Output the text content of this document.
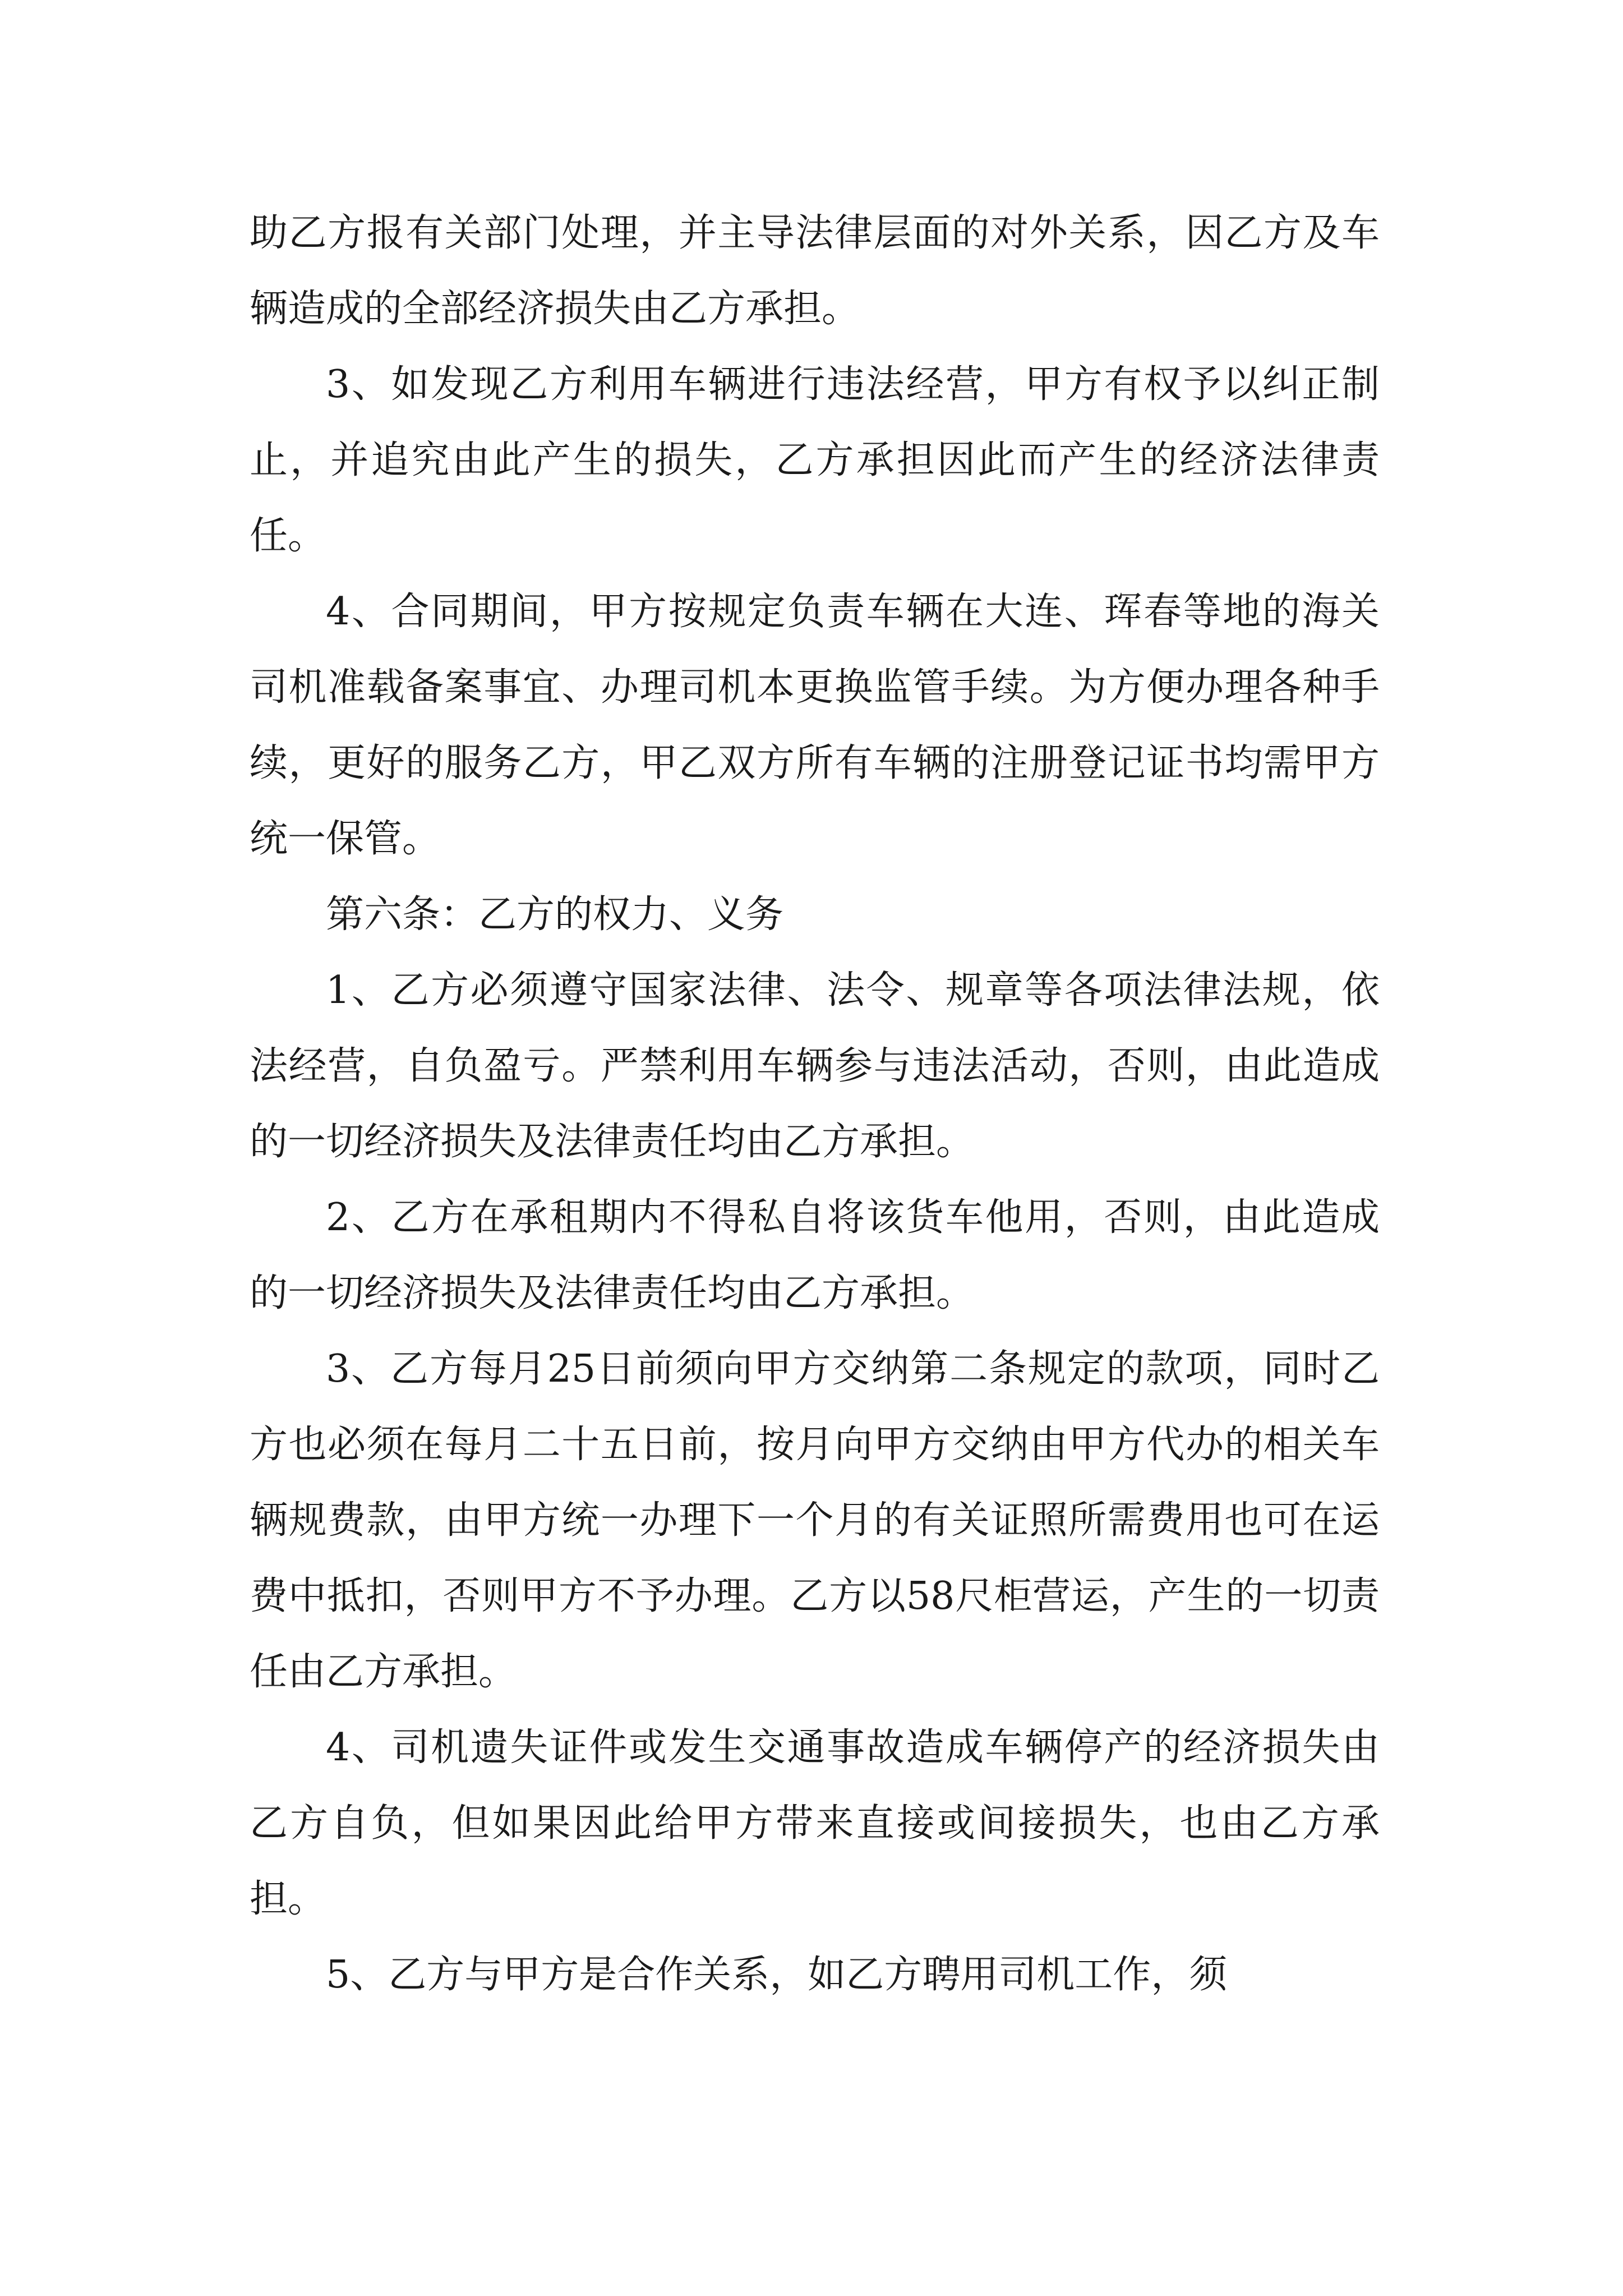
助乙方报有关部门处理，并主导法律层面的对外关系，因乙方及车辆造成的全部经济损失由乙方承担。

3、如发现乙方利用车辆进行违法经营，甲方有权予以纠正制止，并追究由此产生的损失，乙方承担因此而产生的经济法律责任。

4、合同期间，甲方按规定负责车辆在大连、珲春等地的海关司机准载备案事宜、办理司机本更换监管手续。为方便办理各种手续，更好的服务乙方，甲乙双方所有车辆的注册登记证书均需甲方统一保管。

第六条：乙方的权力、义务

1、乙方必须遵守国家法律、法令、规章等各项法律法规，依法经营，自负盈亏。严禁利用车辆参与违法活动，否则，由此造成的一切经济损失及法律责任均由乙方承担。

2、乙方在承租期内不得私自将该货车他用，否则，由此造成的一切经济损失及法律责任均由乙方承担。

3、乙方每月25日前须向甲方交纳第二条规定的款项，同时乙方也必须在每月二十五日前，按月向甲方交纳由甲方代办的相关车辆规费款，由甲方统一办理下一个月的有关证照所需费用也可在运费中抵扣，否则甲方不予办理。乙方以58尺柜营运，产生的一切责任由乙方承担。

4、司机遗失证件或发生交通事故造成车辆停产的经济损失由乙方自负，但如果因此给甲方带来直接或间接损失，也由乙方承担。

5、乙方与甲方是合作关系，如乙方聘用司机工作，须
